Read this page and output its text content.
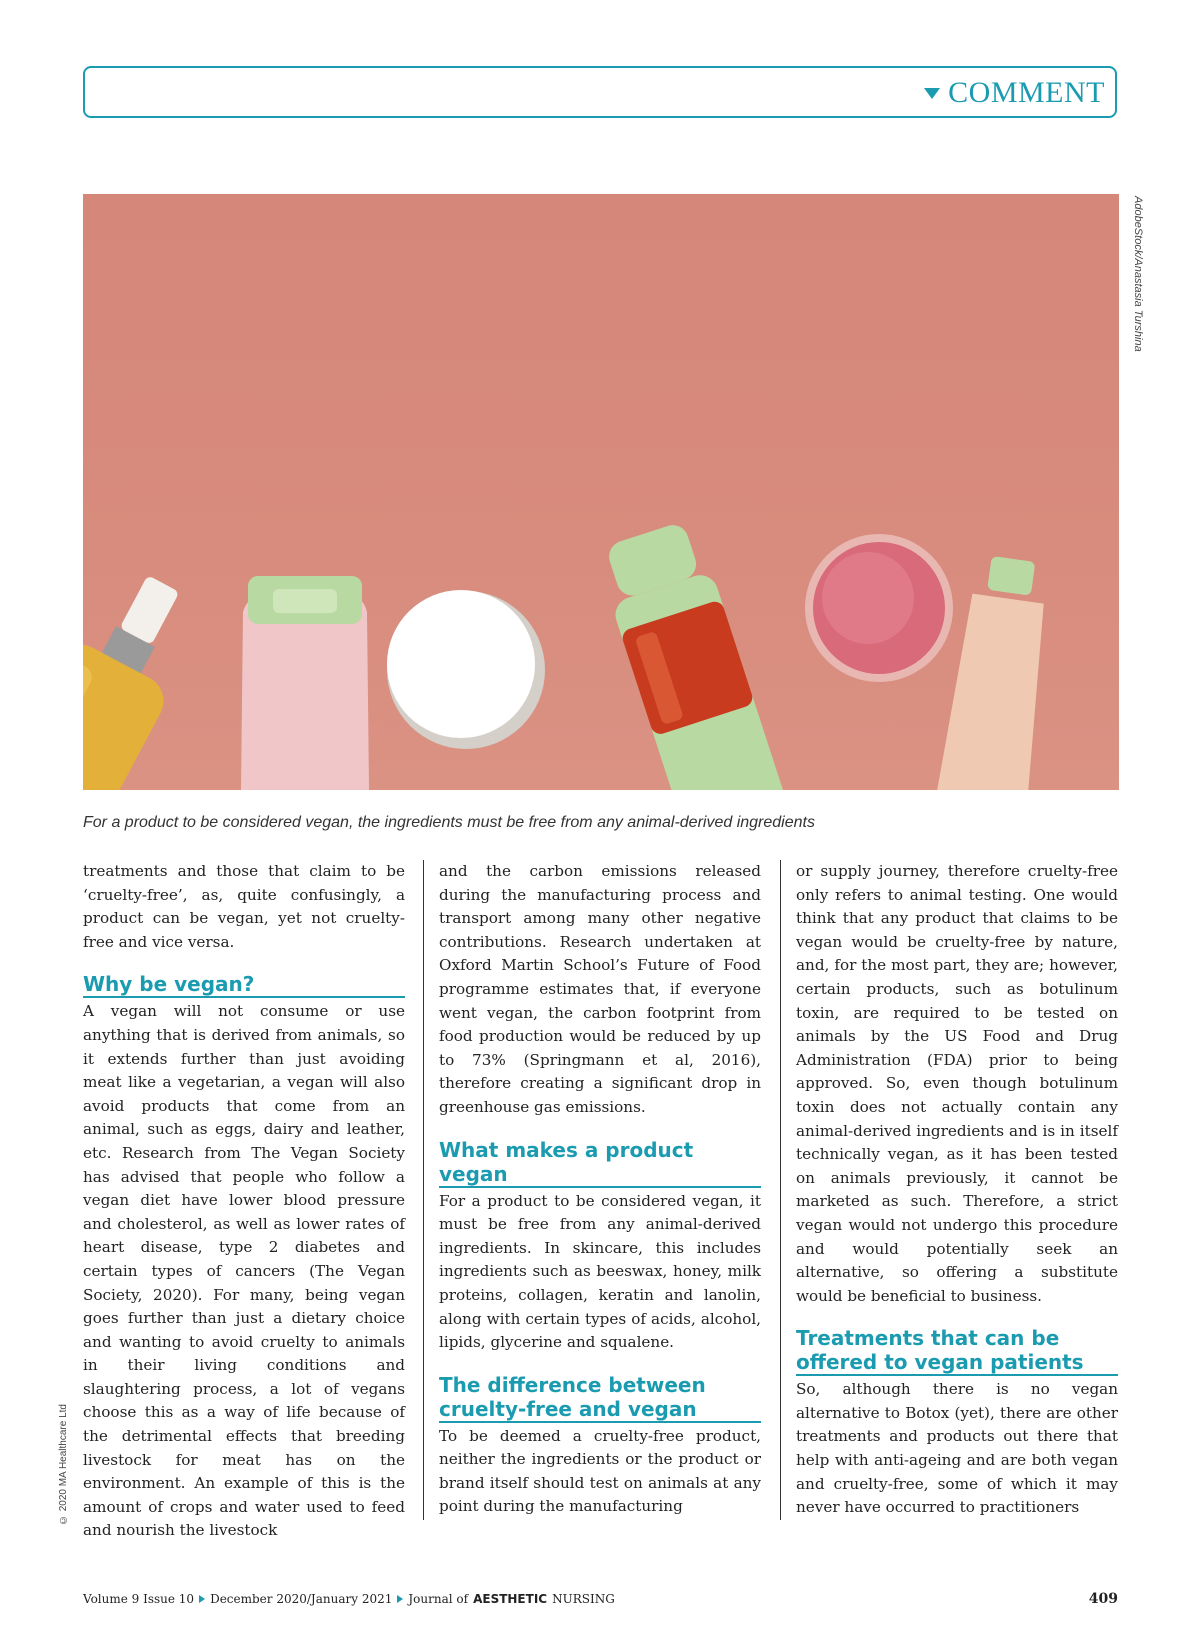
COMMENT
AdobeStock/Anastasia Turshina
For a product to be considered vegan, the ingredients must be free from any animal-derived ingredients

treatments and those that claim to be ‘cruelty-free’, as, quite confusingly, a product can be vegan, yet not cruelty-free and vice versa.

Why be vegan?

A vegan will not consume or use anything that is derived from animals, so it extends further than just avoiding meat like a vegetarian, a vegan will also avoid products that come from an animal, such as eggs, dairy and leather, etc. Research from The Vegan Society has advised that people who follow a vegan diet have lower blood pressure and cholesterol, as well as lower rates of heart disease, type 2 diabetes and certain types of cancers (The Vegan Society, 2020). For many, being vegan goes further than just a dietary choice and wanting to avoid cruelty to animals in their living conditions and slaughtering process, a lot of vegans choose this as a way of life because of the detrimental effects that breeding livestock for meat has on the environment. An example of this is the amount of crops and water used to feed and nourish the livestock

and the carbon emissions released during the manufacturing process and transport among many other negative contributions. Research undertaken at Oxford Martin School’s Future of Food programme estimates that, if everyone went vegan, the carbon footprint from food production would be reduced by up to 73% (Springmann et al, 2016), therefore creating a significant drop in greenhouse gas emissions.

What makes a product vegan

For a product to be considered vegan, it must be free from any animal-derived ingredients. In skincare, this includes ingredients such as beeswax, honey, milk proteins, collagen, keratin and lanolin, along with certain types of acids, alcohol, lipids, glycerine and squalene.

The difference between cruelty-free and vegan

To be deemed a cruelty-free product, neither the ingredients or the product or brand itself should test on animals at any point during the manufacturing

or supply journey, therefore cruelty-free only refers to animal testing. One would think that any product that claims to be vegan would be cruelty-free by nature, and, for the most part, they are; however, certain products, such as botulinum toxin, are required to be tested on animals by the US Food and Drug Administration (FDA) prior to being approved. So, even though botulinum toxin does not actually contain any animal-derived ingredients and is in itself technically vegan, as it has been tested on animals previously, it cannot be marketed as such. Therefore, a strict vegan would not undergo this procedure and would potentially seek an alternative, so offering a substitute would be beneficial to business.

Treatments that can be offered to vegan patients

So, although there is no vegan alternative to Botox (yet), there are other treatments and products out there that help with anti-ageing and are both vegan and cruelty-free, some of which it may never have occurred to practitioners

© 2020 MA Healthcare Ltd
Volume 9 Issue 10 December 2020/January 2021 Journal of AESTHETIC NURSING	409
